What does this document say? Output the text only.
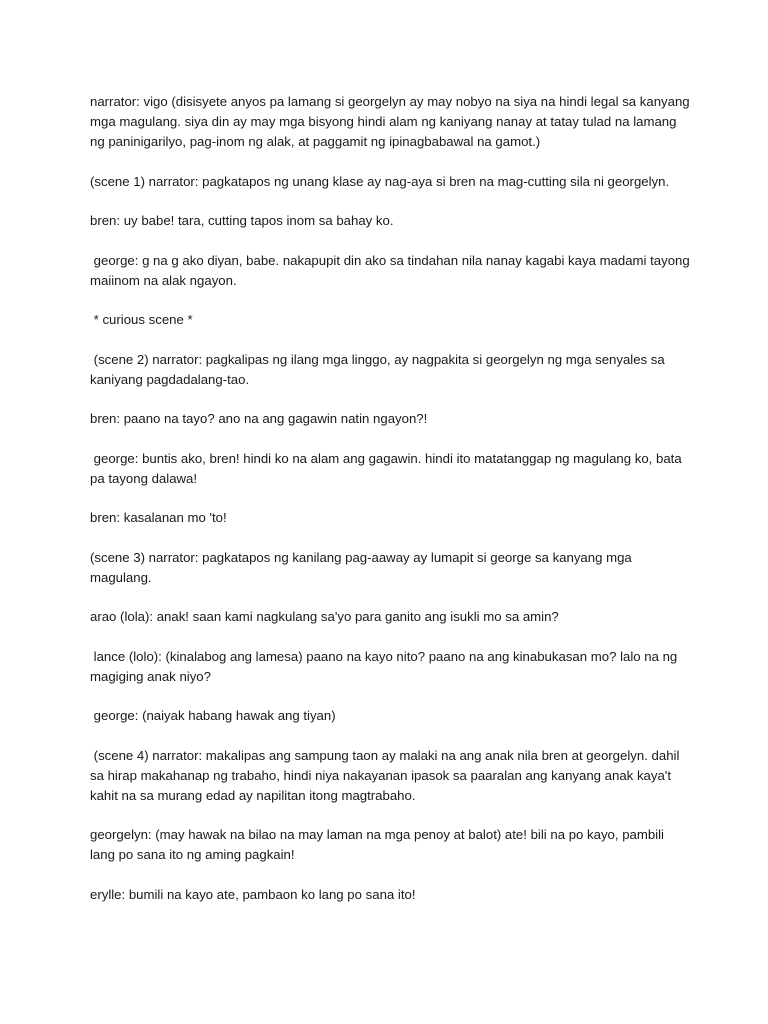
narrator: vigo (disisyete anyos pa lamang si georgelyn ay may nobyo na siya na hindi legal sa kanyang mga magulang. siya din ay may mga bisyong hindi alam ng kaniyang nanay at tatay tulad na lamang ng paninigarilyo, pag-inom ng alak, at paggamit ng ipinagbabawal na gamot.)

(scene 1) narrator: pagkatapos ng unang klase ay nag-aya si bren na mag-cutting sila ni georgelyn.

bren: uy babe! tara, cutting tapos inom sa bahay ko.

george: g na g ako diyan, babe. nakapupit din ako sa tindahan nila nanay kagabi kaya madami tayong maiinom na alak ngayon.

* curious scene *

(scene 2) narrator: pagkalipas ng ilang mga linggo, ay nagpakita si georgelyn ng mga senyales sa kaniyang pagdadalang-tao.

bren: paano na tayo? ano na ang gagawin natin ngayon?!

george: buntis ako, bren! hindi ko na alam ang gagawin. hindi ito matatanggap ng magulang ko, bata pa tayong dalawa!

bren: kasalanan mo 'to!

(scene 3) narrator: pagkatapos ng kanilang pag-aaway ay lumapit si george sa kanyang mga magulang.

arao (lola): anak! saan kami nagkulang sa'yo para ganito ang isukli mo sa amin?

lance (lolo): (kinalabog ang lamesa) paano na kayo nito? paano na ang kinabukasan mo? lalo na ng magiging anak niyo?

george: (naiyak habang hawak ang tiyan)

(scene 4) narrator: makalipas ang sampung taon ay malaki na ang anak nila bren at georgelyn. dahil sa hirap makahanap ng trabaho, hindi niya nakayanan ipasok sa paaralan ang kanyang anak kaya't kahit na sa murang edad ay napilitan itong magtrabaho.

georgelyn: (may hawak na bilao na may laman na mga penoy at balot) ate! bili na po kayo, pambili lang po sana ito ng aming pagkain!

erylle: bumili na kayo ate, pambaon ko lang po sana ito!
